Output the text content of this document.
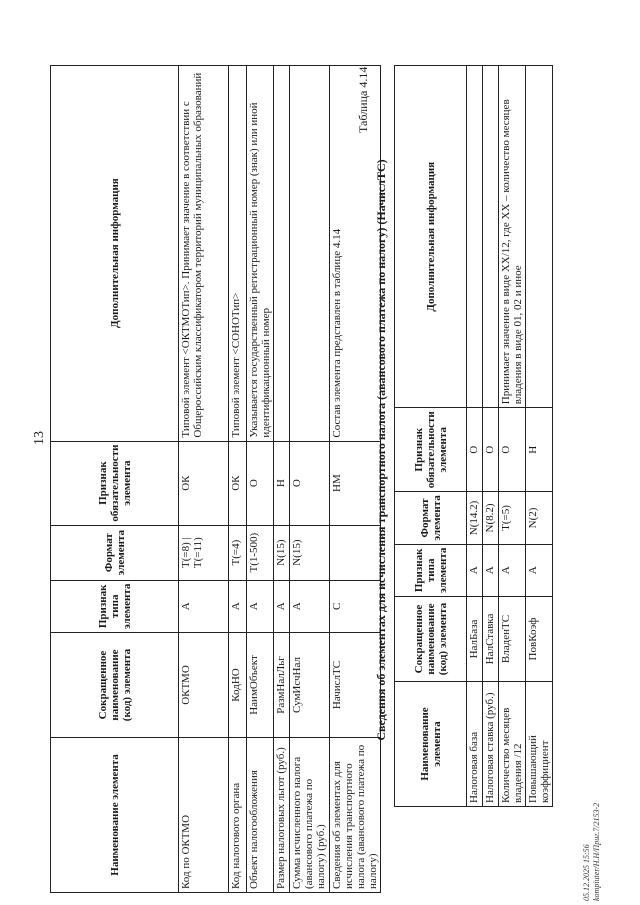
13
Наименование элемента	Сокращенное наименование (код) элемента	Признак типа элемента	Формат элемента	Признак обязательности элемента	Дополнительная информация
Код по ОКТМО	ОКТМО	А	T(=8) | T(=11)	ОК	Типовой элемент <ОКТМОТип>. Принимает значение в соответствии с Общероссийским классификатором территорий муниципальных образований
Код налогового органа	КодНО	А	T(=4)	ОК	Типовой элемент <СОНОТип>
Объект налогообложения	НаимОбъект	А	T(1-500)	О	Указывается государственный регистрационный номер (знак) или иной идентификационный номер
Размер налоговых льгот (руб.)	РазмНалЛьг	А	N(15)	Н	
Сумма исчисленного налога (авансового платежа по налогу) (руб.)	СумИсчНал	А	N(15)	О	
Сведения об элементах для исчисления транспортного налога (авансового платежа по налогу)	НачислТС	С		НМ	Состав элемента представлен в таблице 4.14
Таблица 4.14
Сведения об элементах для исчисления транспортного налога (авансового платежа по налогу) (НачислТС)
Наименование элемента	Сокращенное наименование (код) элемента	Признак типа элемента	Формат элемента	Признак обязательности элемента	Дополнительная информация
Налоговая база	НалБаза	А	N(14.2)	О	
Налоговая ставка (руб.)	НалСтавка	А	N(8.2)	О	
Количество месяцев владения /12	ВладенТС	А	T(=5)	О	Принимает значение в виде XX/12, где XX – количество месяцев владения в виде 01, 02 и иное
Повышающий коэффициент	ПовКоэф	А	N(2)	Н	
05.12.2025 15:56 kompiuter/H.H/Приг.7/2153-2
